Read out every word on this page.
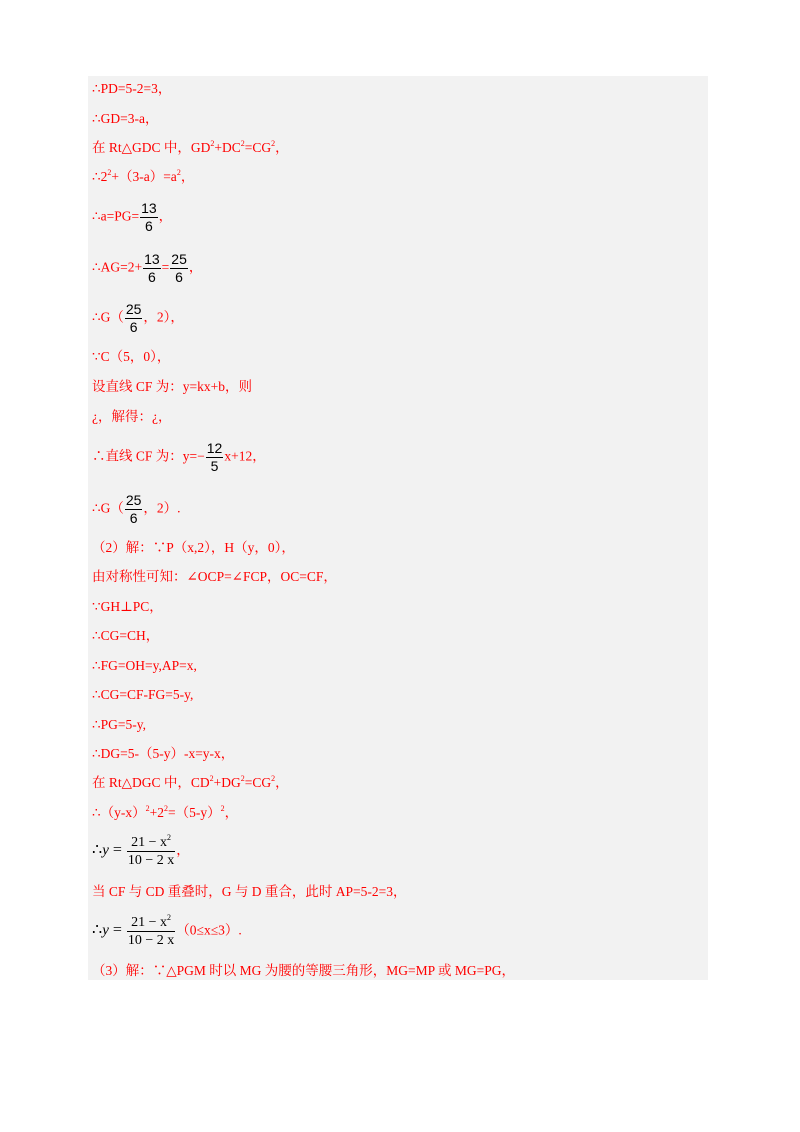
∴PD=5-2=3，
∴GD=3-a，
在 Rt△GDC 中，$GD^2+DC^2=CG^2$，
$\therefore 2^2+(3-a)=a^2$，
∴a=PG= $\frac{13}{6}$ ，
∴AG=2+ $\frac{13}{6} = \frac{25}{6}$ ，
∴G（ $\frac{25}{6}$ ，2），
∵C（5，0），
设直线 CF 为：y=kx+b，则
¿，解得：¿，
∴直线 CF 为：$y=- \frac{12}{5} x+12$，
∴G（ $\frac{25}{6}$ ，2）.
（2）解：∵P（x,2），H（y，0），
由对称性可知：∠OCP=∠FCP，OC=CF，
∵GH⊥PC，
∴CG=CH，
∴FG=OH=y,AP=x,
∴CG=CF-FG=5-y,
∴PG=5-y,
∴DG=5-（5-y）-x=y-x，
在 Rt△DGC 中，$CD^2+DG^2=CG^2$，
$\therefore(y-x)^2+2^2=(5-y)^2$，
∴y = $\frac{21 - x^2}{10 - 2 x}$ ，
当 CF 与 CD 重叠时，G 与 D 重合，此时 AP=5-2=3，
∴y = $\frac{21 - x^2}{10 - 2 x} (0\le x\le 3)$.
（3）解：∵△PGM 时以 MG 为腰的等腰三角形，MG=MP 或 MG=PG，
